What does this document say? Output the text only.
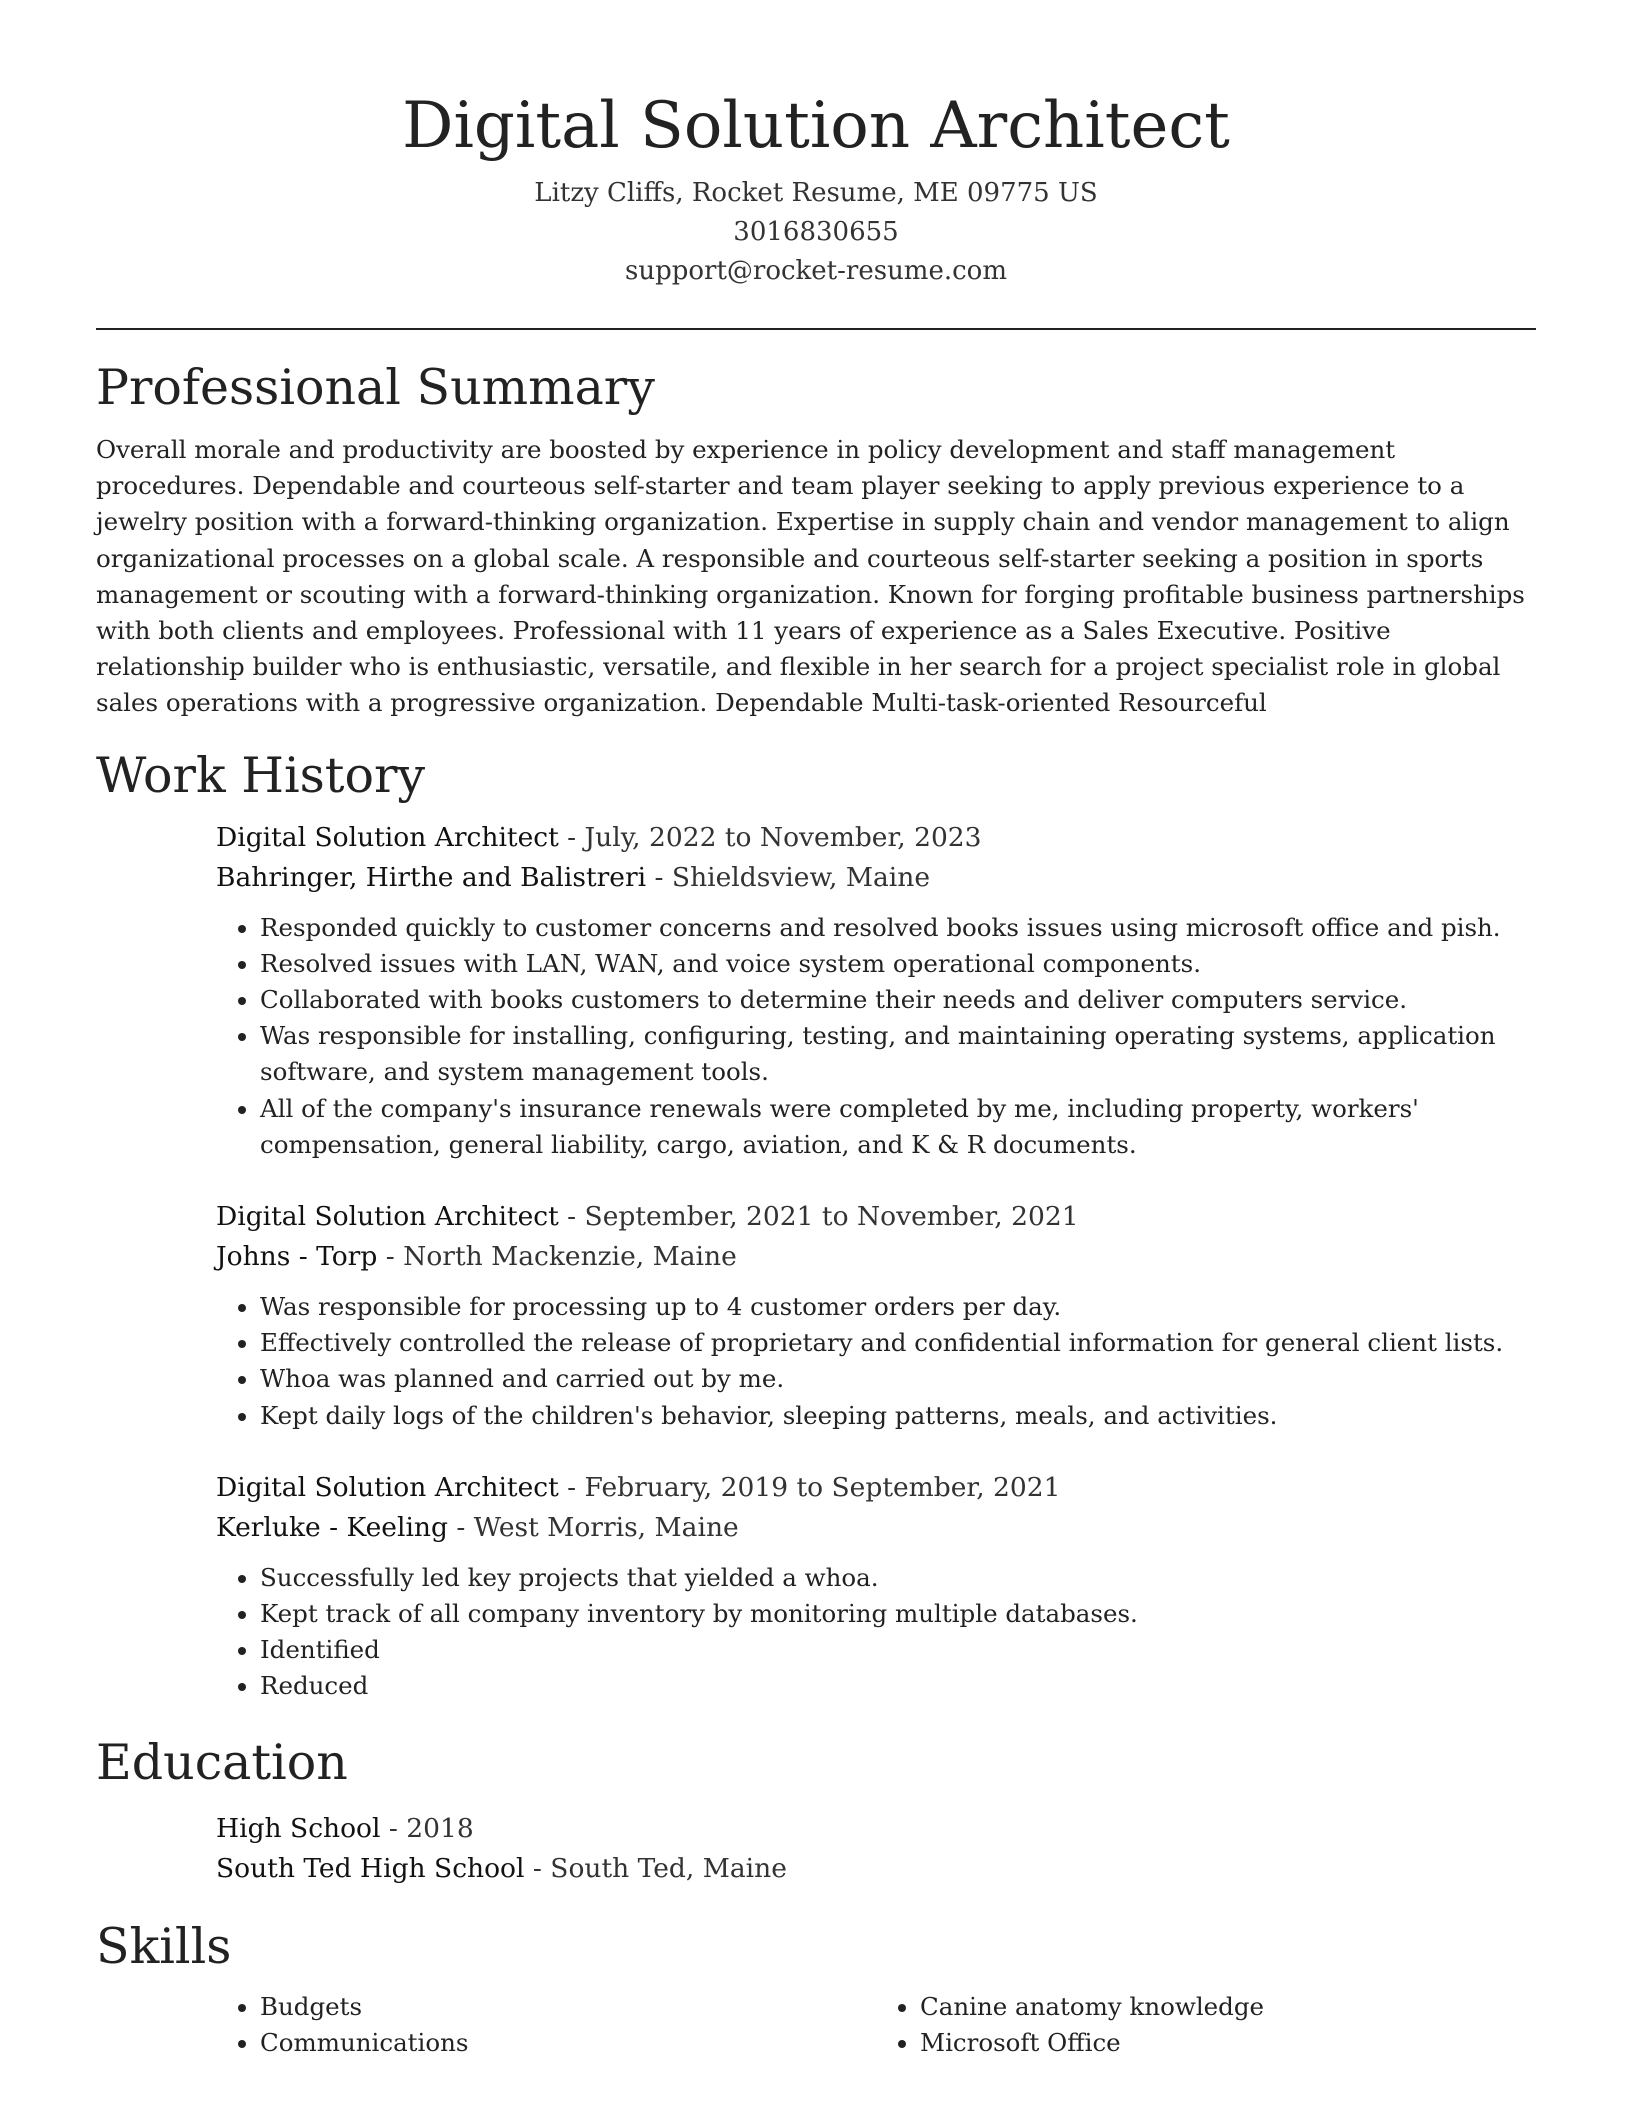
Digital Solution Architect
Litzy Cliffs, Rocket Resume, ME 09775 US
3016830655
support@rocket-resume.com
Professional Summary

Overall morale and productivity are boosted by experience in policy development and staff management procedures. Dependable and courteous self-starter and team player seeking to apply previous experience to a jewelry position with a forward-thinking organization. Expertise in supply chain and vendor management to align organizational processes on a global scale. A responsible and courteous self-starter seeking a position in sports management or scouting with a forward-thinking organization. Known for forging profitable business partnerships with both clients and employees. Professional with 11 years of experience as a Sales Executive. Positive relationship builder who is enthusiastic, versatile, and flexible in her search for a project specialist role in global sales operations with a progressive organization. Dependable Multi-task-oriented Resourceful

Work History
Digital Solution Architect - July, 2022 to November, 2023
Bahringer, Hirthe and Balistreri - Shieldsview, Maine
• Responded quickly to customer concerns and resolved books issues using microsoft office and pish.
• Resolved issues with LAN, WAN, and voice system operational components.
• Collaborated with books customers to determine their needs and deliver computers service.
• Was responsible for installing, configuring, testing, and maintaining operating systems, application software, and system management tools.
• All of the company's insurance renewals were completed by me, including property, workers' compensation, general liability, cargo, aviation, and K & R documents.
Digital Solution Architect - September, 2021 to November, 2021
Johns - Torp - North Mackenzie, Maine
• Was responsible for processing up to 4 customer orders per day.
• Effectively controlled the release of proprietary and confidential information for general client lists.
• Whoa was planned and carried out by me.
• Kept daily logs of the children's behavior, sleeping patterns, meals, and activities.
Digital Solution Architect - February, 2019 to September, 2021
Kerluke - Keeling - West Morris, Maine
• Successfully led key projects that yielded a whoa.
• Kept track of all company inventory by monitoring multiple databases.
• Identified
• Reduced
Education
High School - 2018
South Ted High School - South Ted, Maine
Skills
• Budgets
• Communications
• Canine anatomy knowledge
• Microsoft Office
